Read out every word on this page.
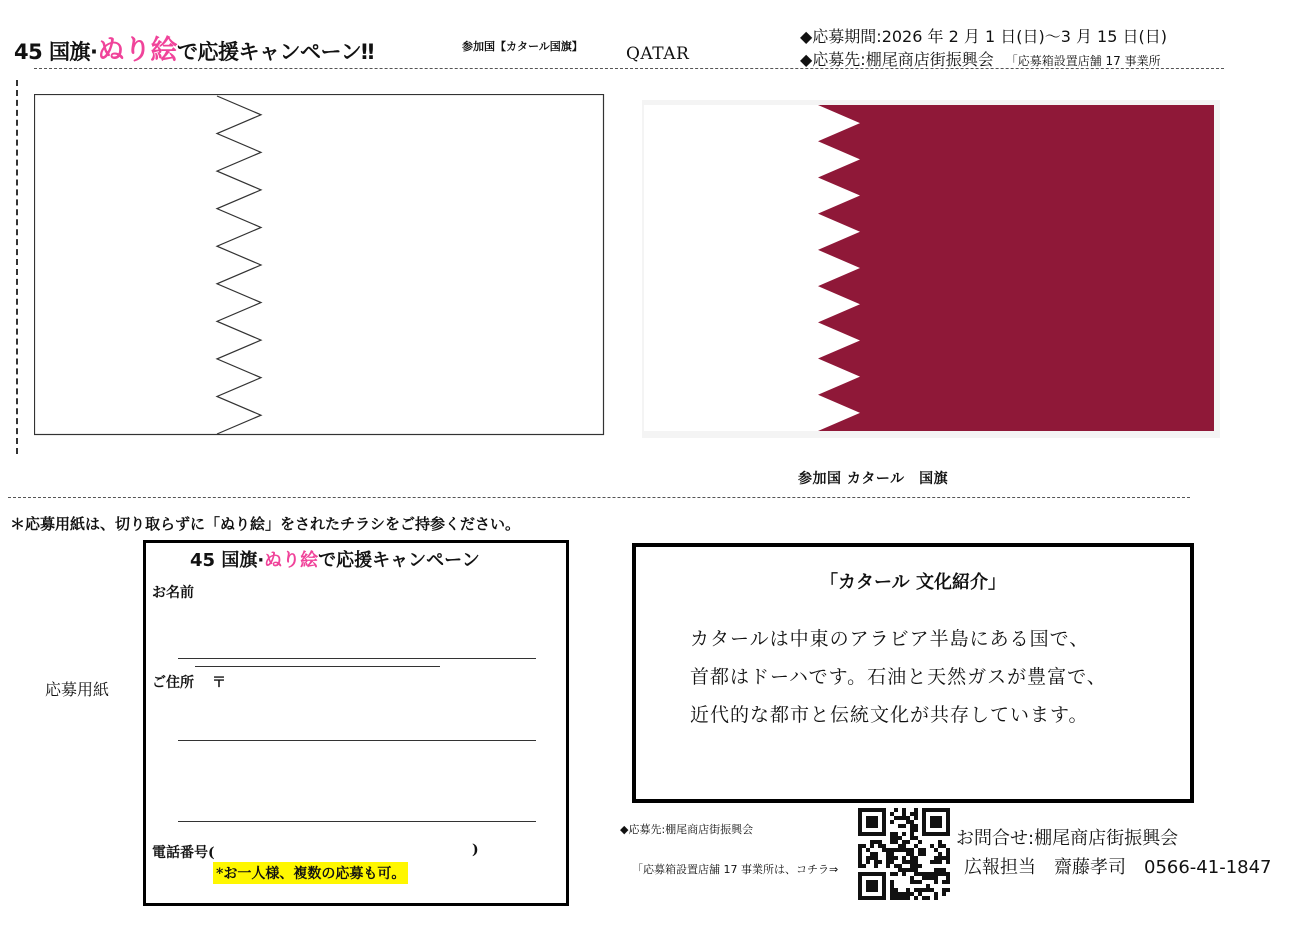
45 国旗·ぬり絵で応援キャンペーン‼	参加国【カタール国旗】	QATAR
◆応募期間:2026 年 2 月 1 日(日)～3 月 15 日(日)
◆応募先:棚尾商店街振興会 「応募箱設置店舗 17 事業所
参加国 カタール　国旗
＊応募用紙は、切り取らずに「ぬり絵」をされたチラシをご持参ください。
応募用紙
45 国旗·ぬり絵で応援キャンペーン
お名前
ご住所 〒
電話番号(	)
*お一人様、複数の応募も可。
「カタール 文化紹介」
カタールは中東のアラビア半島にある国で、
首都はドーハです。石油と天然ガスが豊富で、
近代的な都市と伝統文化が共存しています。
◆応募先:棚尾商店街振興会
「応募箱設置店舗 17 事業所は、コチラ⇒
お問合せ:棚尾商店街振興会
広報担当　齋藤孝司　0566-41-1847
